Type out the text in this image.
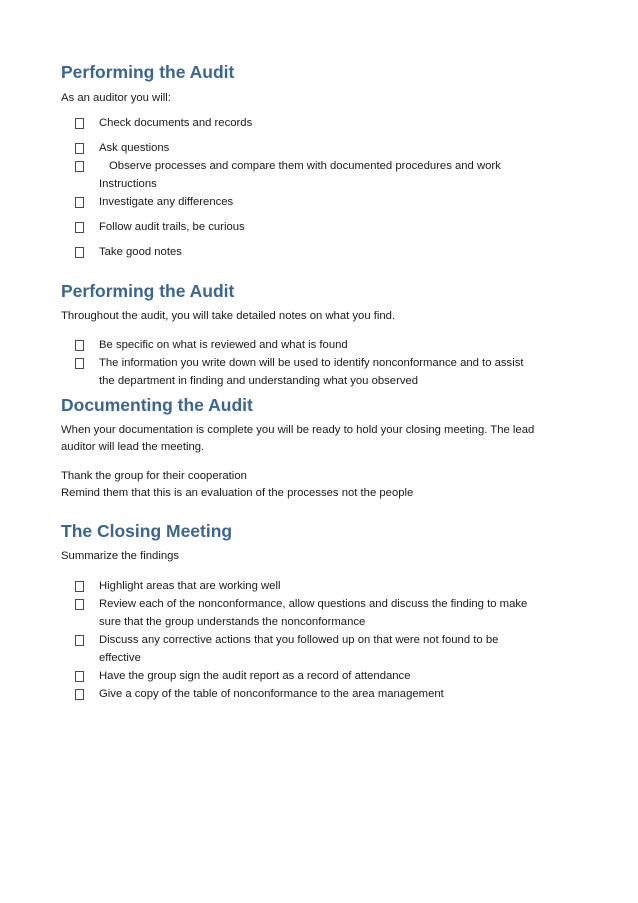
Performing the Audit

As an auditor you will:

Check documents and records

Ask questions

Observe processes and compare them with documented procedures and work

Instructions

Investigate any differences

Follow audit trails, be curious

Take good notes

Performing the Audit

Throughout the audit, you will take detailed notes on what you find.

Be specific on what is reviewed and what is found

The information you write down will be used to identify nonconformance and to assist

the department in finding and understanding what you observed

Documenting the Audit

When your documentation is complete you will be ready to hold your closing meeting. The lead

auditor will lead the meeting.

Thank the group for their cooperation

Remind them that this is an evaluation of the processes not the people

The Closing Meeting

Summarize the findings

Highlight areas that are working well

Review each of the nonconformance, allow questions and discuss the finding to make

sure that the group understands the nonconformance

Discuss any corrective actions that you followed up on that were not found to be

effective

Have the group sign the audit report as a record of attendance

Give a copy of the table of nonconformance to the area management
